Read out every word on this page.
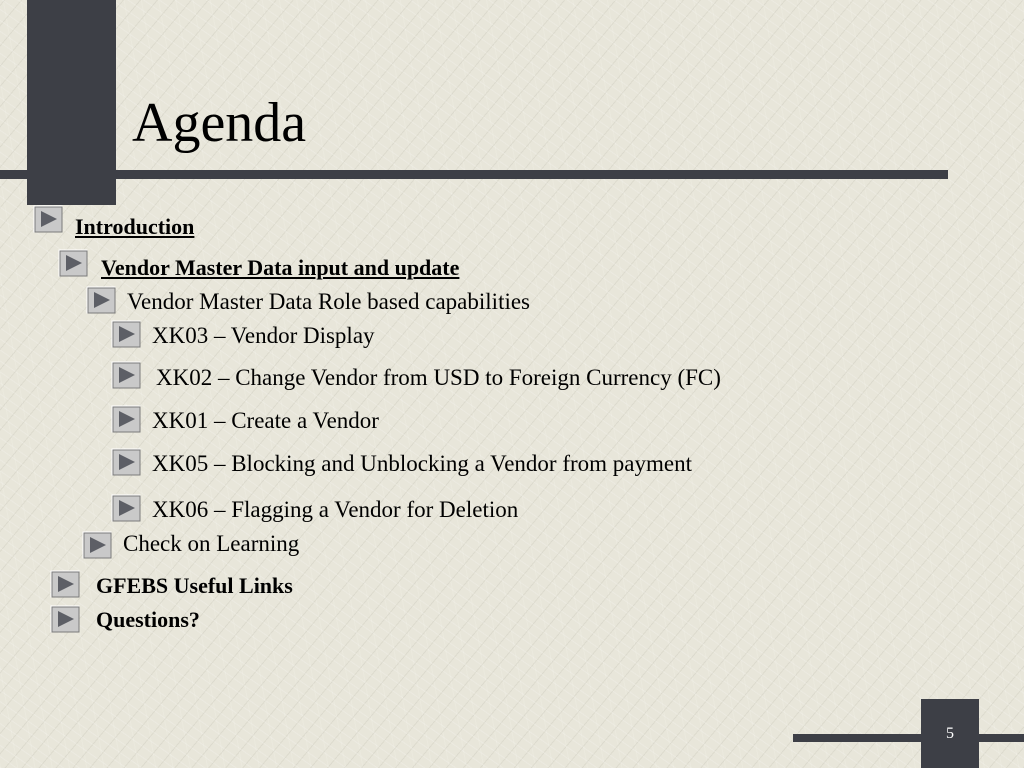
Agenda
Introduction
Vendor Master Data input and update
Vendor Master Data Role based capabilities
XK03 – Vendor Display
XK02 – Change Vendor from USD to Foreign Currency (FC)
XK01 – Create a Vendor
XK05 – Blocking and Unblocking a Vendor from payment
XK06 – Flagging a Vendor for Deletion
Check on Learning
GFEBS Useful Links
Questions?
5
